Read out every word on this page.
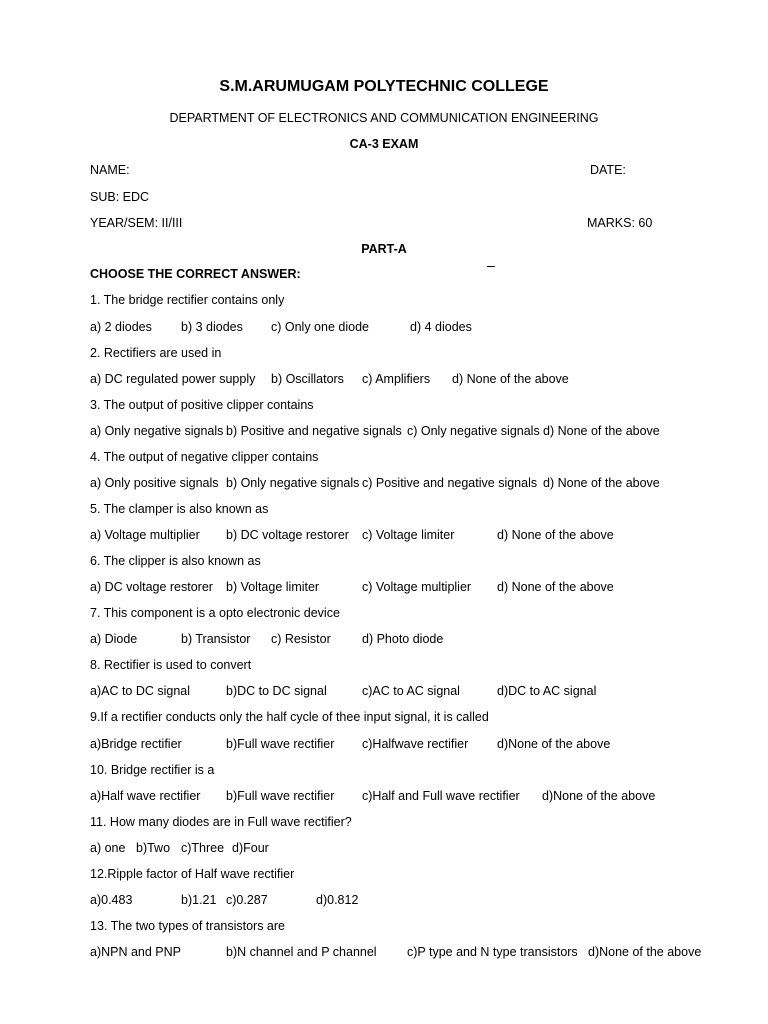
S.M.ARUMUGAM POLYTECHNIC COLLEGE
DEPARTMENT OF ELECTRONICS AND COMMUNICATION ENGINEERING
CA-3 EXAM
NAME:	DATE:
SUB: EDC
YEAR/SEM: II/III	MARKS: 60
PART-A
CHOOSE THE CORRECT ANSWER:
1. The bridge rectifier contains only
a) 2 diodes b) 3 diodes c) Only one diode	d) 4 diodes
2. Rectifiers are used in
a) DC regulated power supply b) Oscillators c) Amplifiers d) None of the above
3. The output of positive clipper contains
a) Only negative signals b) Positive and negative signals c) Only negative signals d) None of the above
4. The output of negative clipper contains
a) Only positive signals b) Only negative signals c) Positive and negative signals d) None of the above
5. The clamper is also known as
a) Voltage multiplier b) DC voltage restorer c) Voltage limiter	d) None of the above
6. The clipper is also known as
a) DC voltage restorer b) Voltage limiter	c) Voltage multiplier d) None of the above
7. This component is a opto electronic device
a) Diode	b) Transistor c) Resistor	d) Photo diode
8. Rectifier is used to convert
a)AC to DC signal	b)DC to DC signal	c)AC to AC signal	d)DC to AC signal
9.If a rectifier conducts only the half cycle of thee input signal, it is called
a)Bridge rectifier	b)Full wave rectifier c)Halfwave rectifier d)None of the above
10. Bridge rectifier is a
a)Half wave rectifier b)Full wave rectifier c)Half and Full wave rectifier d)None of the above
11. How many diodes are in Full wave rectifier?
a) one b)Two c)Three d)Four
12.Ripple factor of Half wave rectifier
a)0.483	b)1.21 c)0.287	d)0.812
13. The two types of transistors are
a)NPN and PNP	b)N channel and P channel c)P type and N type transistors d)None of the above
